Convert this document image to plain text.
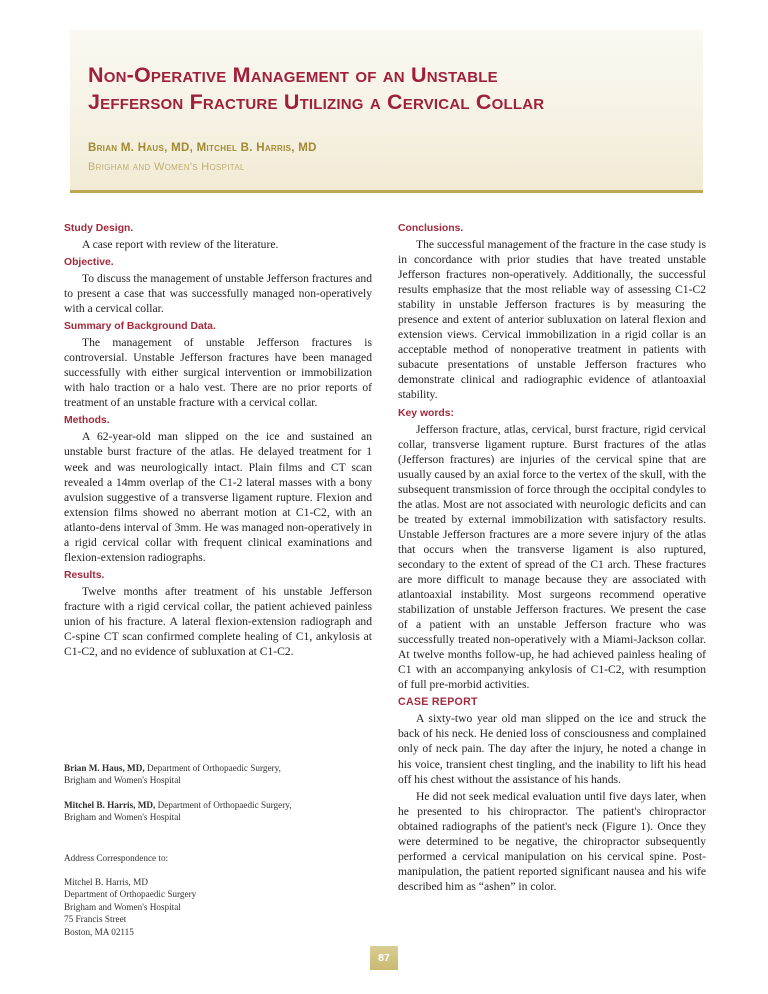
Non-Operative Management of an Unstable
Jefferson Fracture Utilizing a Cervical Collar
Brian M. Haus, MD, Mitchel B. Harris, MD
Brigham and Women's Hospital
Study Design.

A case report with review of the literature.

Objective.

To discuss the management of unstable Jefferson fractures and to present a case that was successfully managed non-operatively with a cervical collar.

Summary of Background Data.

The management of unstable Jefferson fractures is controversial. Unstable Jefferson fractures have been managed successfully with either surgical intervention or immobilization with halo traction or a halo vest. There are no prior reports of treatment of an unstable fracture with a cervical collar.

Methods.

A 62-year-old man slipped on the ice and sustained an unstable burst fracture of the atlas. He delayed treatment for 1 week and was neurologically intact. Plain films and CT scan revealed a 14mm overlap of the C1-2 lateral masses with a bony avulsion suggestive of a transverse ligament rupture. Flexion and extension films showed no aberrant motion at C1-C2, with an atlanto-dens interval of 3mm. He was managed non-operatively in a rigid cervical collar with frequent clinical examinations and flexion-extension radiographs.

Results.

Twelve months after treatment of his unstable Jefferson fracture with a rigid cervical collar, the patient achieved painless union of his fracture. A lateral flexion-extension radiograph and C-spine CT scan confirmed complete healing of C1, ankylosis at C1-C2, and no evidence of subluxation at C1-C2.

Conclusions.

The successful management of the fracture in the case study is in concordance with prior studies that have treated unstable Jefferson fractures non-operatively. Additionally, the successful results emphasize that the most reliable way of assessing C1-C2 stability in unstable Jefferson fractures is by measuring the presence and extent of anterior subluxation on lateral flexion and extension views. Cervical immobilization in a rigid collar is an acceptable method of nonoperative treatment in patients with subacute presentations of unstable Jefferson fractures who demonstrate clinical and radiographic evidence of atlantoaxial stability.

Key words:

Jefferson fracture, atlas, cervical, burst fracture, rigid cervical collar, transverse ligament rupture. Burst fractures of the atlas (Jefferson fractures) are injuries of the cervical spine that are usually caused by an axial force to the vertex of the skull, with the subsequent transmission of force through the occipital condyles to the atlas. Most are not associated with neurologic deficits and can be treated by external immobilization with satisfactory results. Unstable Jefferson fractures are a more severe injury of the atlas that occurs when the transverse ligament is also ruptured, secondary to the extent of spread of the C1 arch. These fractures are more difficult to manage because they are associated with atlantoaxial instability. Most surgeons recommend operative stabilization of unstable Jefferson fractures. We present the case of a patient with an unstable Jefferson fracture who was successfully treated non-operatively with a Miami-Jackson collar. At twelve months follow-up, he had achieved painless healing of C1 with an accompanying ankylosis of C1-C2, with resumption of full pre-morbid activities.

CASE REPORT

A sixty-two year old man slipped on the ice and struck the back of his neck. He denied loss of consciousness and complained only of neck pain. The day after the injury, he noted a change in his voice, transient chest tingling, and the inability to lift his head off his chest without the assistance of his hands.

He did not seek medical evaluation until five days later, when he presented to his chiropractor. The patient's chiropractor obtained radiographs of the patient's neck (Figure 1). Once they were determined to be negative, the chiropractor subsequently performed a cervical manipulation on his cervical spine. Post-manipulation, the patient reported significant nausea and his wife described him as “ashen” in color.

Brian M. Haus, MD, Department of Orthopaedic Surgery,
Brigham and Women's Hospital
Mitchel B. Harris, MD, Department of Orthopaedic Surgery,
Brigham and Women's Hospital
Address Correspondence to:
Mitchel B. Harris, MD
Department of Orthopaedic Surgery
Brigham and Women's Hospital
75 Francis Street
Boston, MA 02115
87
